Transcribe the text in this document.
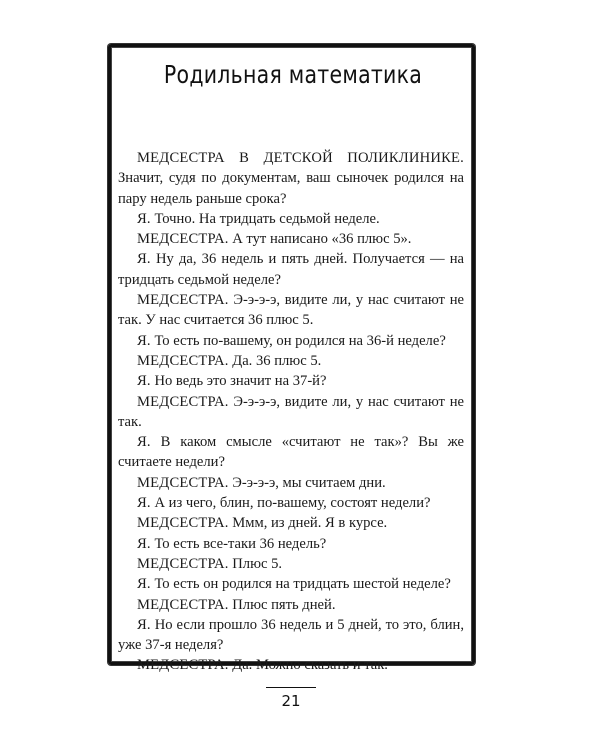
Родильная математика

МЕДСЕСТРА В ДЕТСКОЙ ПОЛИКЛИНИКЕ. Значит, судя по документам, ваш сыночек родился на пару недель раньше срока?

Я. Точно. На тридцать седьмой неделе.

МЕДСЕСТРА. А тут написано «36 плюс 5».

Я. Ну да, 36 недель и пять дней. Получается — на тридцать седьмой неделе?

МЕДСЕСТРА. Э-э-э-э, видите ли, у нас считают не так. У нас считается 36 плюс 5.

Я. То есть по-вашему, он родился на 36-й неделе?

МЕДСЕСТРА. Да. 36 плюс 5.

Я. Но ведь это значит на 37-й?

МЕДСЕСТРА. Э-э-э-э, видите ли, у нас считают не так.

Я. В каком смысле «считают не так»? Вы же считаете недели?

МЕДСЕСТРА. Э-э-э-э, мы считаем дни.

Я. А из чего, блин, по-вашему, состоят недели?

МЕДСЕСТРА. Ммм, из дней. Я в курсе.

Я. То есть все-таки 36 недель?

МЕДСЕСТРА. Плюс 5.

Я. То есть он родился на тридцать шестой неделе?

МЕДСЕСТРА. Плюс пять дней.

Я. Но если прошло 36 недель и 5 дней, то это, блин, уже 37-я неделя?

МЕДСЕСТРА. Да. Можно сказать и так.

21
